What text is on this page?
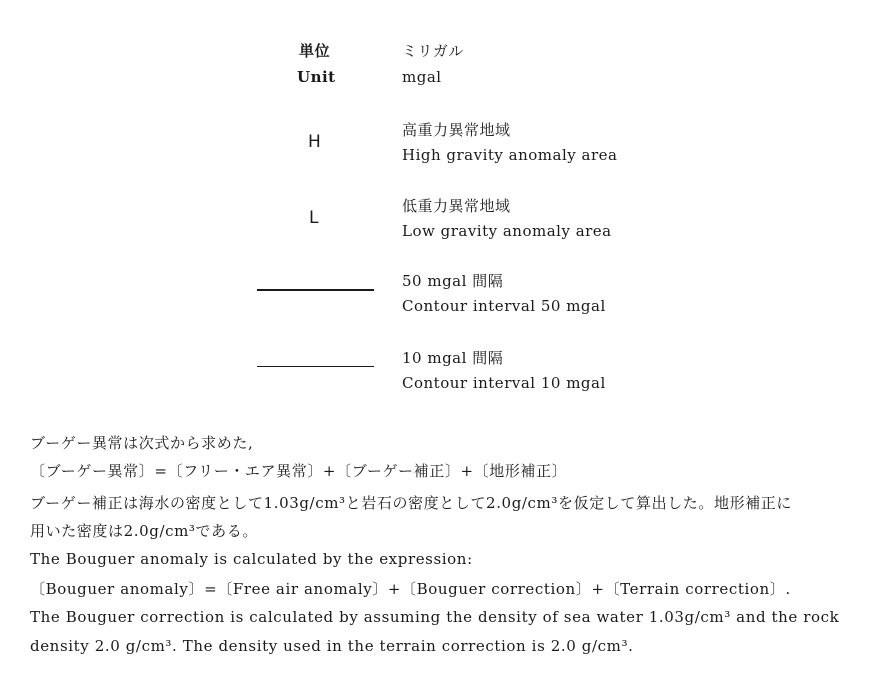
単位
Unit
ミリガル
mgal
H
高重力異常地域
High gravity anomaly area
L
低重力異常地域
Low gravity anomaly area
50 mgal 間隔
Contour interval 50 mgal
10 mgal 間隔
Contour interval 10 mgal
ブーゲー異常は次式から求めた,
〔ブーゲー異常〕=〔フリー・エア異常〕+〔ブーゲー補正〕+〔地形補正〕
ブーゲー補正は海水の密度として1.03g/cm³と岩石の密度として2.0g/cm³を仮定して算出した。地形補正に
用いた密度は2.0g/cm³である。
The Bouguer anomaly is calculated by the expression:
〔Bouguer anomaly〕=〔Free air anomaly〕+〔Bouguer correction〕+〔Terrain correction〕.
The Bouguer correction is calculated by assuming the density of sea water 1.03g/cm³ and the rock
density 2.0 g/cm³. The density used in the terrain correction is 2.0 g/cm³.
